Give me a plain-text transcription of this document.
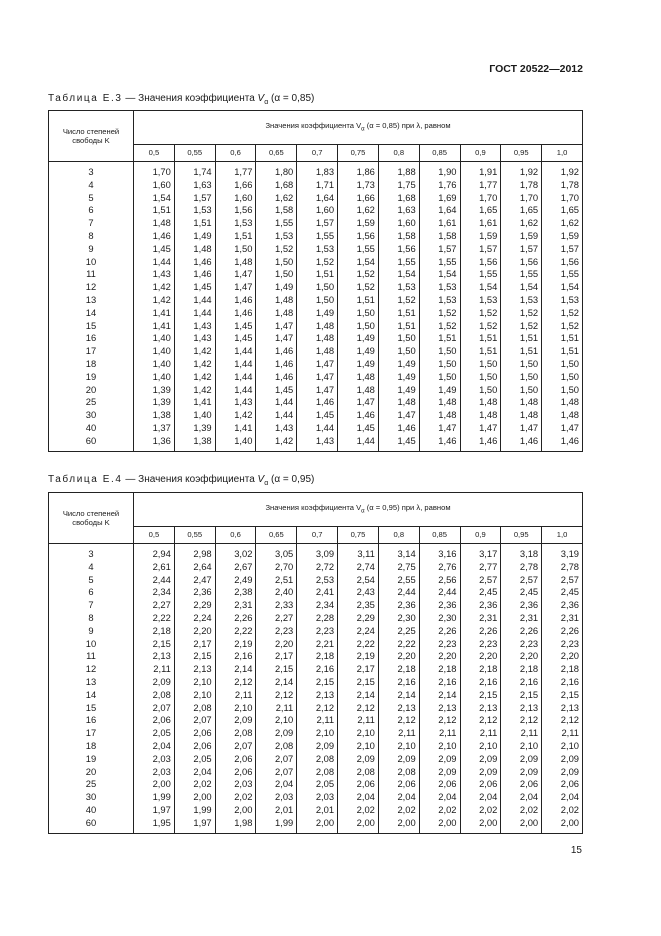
ГОСТ 20522—2012
Таблица Е.3 — Значения коэффициента $V_\alpha$ (α = 0,85)
Число степеней свободы K	Значения коэффициента $V_\alpha$ (α = 0,85) при λ, равном										
	0,5	0,55	0,6	0,65	0,7	0,75	0,8	0,85	0,9	0,95	1,0
3	1,70	1,74	1,77	1,80	1,83	1,86	1,88	1,90	1,91	1,92	1,92
4	1,60	1,63	1,66	1,68	1,71	1,73	1,75	1,76	1,77	1,78	1,78
5	1,54	1,57	1,60	1,62	1,64	1,66	1,68	1,69	1,70	1,70	1,70
6	1,51	1,53	1,56	1,58	1,60	1,62	1,63	1,64	1,65	1,65	1,65
7	1,48	1,51	1,53	1,55	1,57	1,59	1,60	1,61	1,61	1,62	1,62
8	1,46	1,49	1,51	1,53	1,55	1,56	1,58	1,58	1,59	1,59	1,59
9	1,45	1,48	1,50	1,52	1,53	1,55	1,56	1,57	1,57	1,57	1,57
10	1,44	1,46	1,48	1,50	1,52	1,54	1,55	1,55	1,56	1,56	1,56
11	1,43	1,46	1,47	1,50	1,51	1,52	1,54	1,54	1,55	1,55	1,55
12	1,42	1,45	1,47	1,49	1,50	1,52	1,53	1,53	1,54	1,54	1,54
13	1,42	1,44	1,46	1,48	1,50	1,51	1,52	1,53	1,53	1,53	1,53
14	1,41	1,44	1,46	1,48	1,49	1,50	1,51	1,52	1,52	1,52	1,52
15	1,41	1,43	1,45	1,47	1,48	1,50	1,51	1,52	1,52	1,52	1,52
16	1,40	1,43	1,45	1,47	1,48	1,49	1,50	1,51	1,51	1,51	1,51
17	1,40	1,42	1,44	1,46	1,48	1,49	1,50	1,50	1,51	1,51	1,51
18	1,40	1,42	1,44	1,46	1,47	1,49	1,49	1,50	1,50	1,50	1,50
19	1,40	1,42	1,44	1,46	1,47	1,48	1,49	1,50	1,50	1,50	1,50
20	1,39	1,42	1,44	1,45	1,47	1,48	1,49	1,49	1,50	1,50	1,50
25	1,39	1,41	1,43	1,44	1,46	1,47	1,48	1,48	1,48	1,48	1,48
30	1,38	1,40	1,42	1,44	1,45	1,46	1,47	1,48	1,48	1,48	1,48
40	1,37	1,39	1,41	1,43	1,44	1,45	1,46	1,47	1,47	1,47	1,47
60	1,36	1,38	1,40	1,42	1,43	1,44	1,45	1,46	1,46	1,46	1,46
Таблица Е.4 — Значения коэффициента $V_\alpha$ (α = 0,95)
Число степеней свободы K	Значения коэффициента $V_\alpha$ (α = 0,95) при λ, равном										
	0,5	0,55	0,6	0,65	0,7	0,75	0,8	0,85	0,9	0,95	1,0
3	2,94	2,98	3,02	3,05	3,09	3,11	3,14	3,16	3,17	3,18	3,19
4	2,61	2,64	2,67	2,70	2,72	2,74	2,75	2,76	2,77	2,78	2,78
5	2,44	2,47	2,49	2,51	2,53	2,54	2,55	2,56	2,57	2,57	2,57
6	2,34	2,36	2,38	2,40	2,41	2,43	2,44	2,44	2,45	2,45	2,45
7	2,27	2,29	2,31	2,33	2,34	2,35	2,36	2,36	2,36	2,36	2,36
8	2,22	2,24	2,26	2,27	2,28	2,29	2,30	2,30	2,31	2,31	2,31
9	2,18	2,20	2,22	2,23	2,23	2,24	2,25	2,26	2,26	2,26	2,26
10	2,15	2,17	2,19	2,20	2,21	2,22	2,22	2,23	2,23	2,23	2,23
11	2,13	2,15	2,16	2,17	2,18	2,19	2,20	2,20	2,20	2,20	2,20
12	2,11	2,13	2,14	2,15	2,16	2,17	2,18	2,18	2,18	2,18	2,18
13	2,09	2,10	2,12	2,14	2,15	2,15	2,16	2,16	2,16	2,16	2,16
14	2,08	2,10	2,11	2,12	2,13	2,14	2,14	2,14	2,15	2,15	2,15
15	2,07	2,08	2,10	2,11	2,12	2,12	2,13	2,13	2,13	2,13	2,13
16	2,06	2,07	2,09	2,10	2,11	2,11	2,12	2,12	2,12	2,12	2,12
17	2,05	2,06	2,08	2,09	2,10	2,10	2,11	2,11	2,11	2,11	2,11
18	2,04	2,06	2,07	2,08	2,09	2,10	2,10	2,10	2,10	2,10	2,10
19	2,03	2,05	2,06	2,07	2,08	2,09	2,09	2,09	2,09	2,09	2,09
20	2,03	2,04	2,06	2,07	2,08	2,08	2,08	2,09	2,09	2,09	2,09
25	2,00	2,02	2,03	2,04	2,05	2,06	2,06	2,06	2,06	2,06	2,06
30	1,99	2,00	2,02	2,03	2,03	2,04	2,04	2,04	2,04	2,04	2,04
40	1,97	1,99	2,00	2,01	2,01	2,02	2,02	2,02	2,02	2,02	2,02
60	1,95	1,97	1,98	1,99	2,00	2,00	2,00	2,00	2,00	2,00	2,00
15
